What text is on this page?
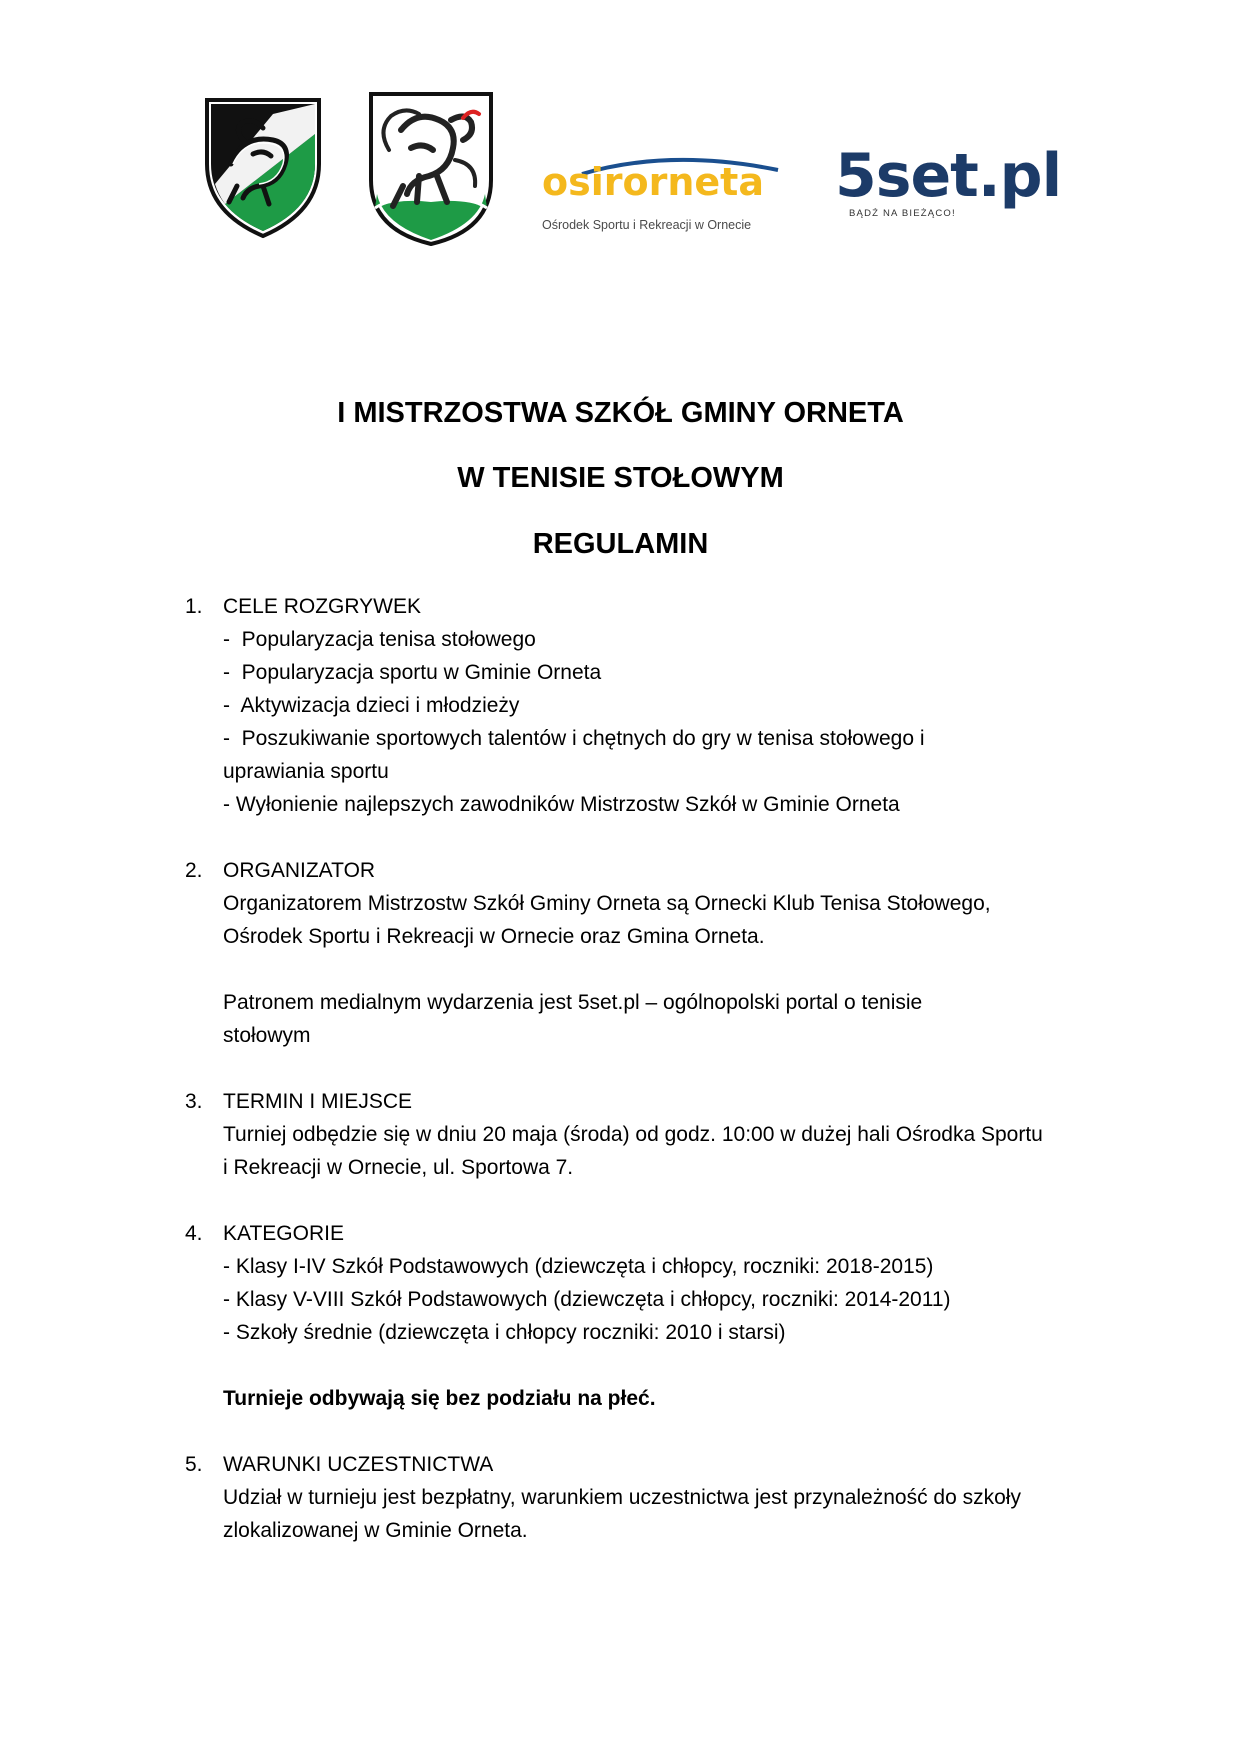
osirorneta
Ośrodek Sportu i Rekreacji w Ornecie
5set.pl
BĄDŹ NA BIEŻĄCO!
I MISTRZOSTWA SZKÓŁ GMINY ORNETA
W TENISIE STOŁOWYM
REGULAMIN
1. CELE ROZGRYWEK
-  Popularyzacja tenisa stołowego
-  Popularyzacja sportu w Gminie Orneta
-  Aktywizacja dzieci i młodzieży
-  Poszukiwanie sportowych talentów i chętnych do gry w tenisa stołowego i
uprawiania sportu
- Wyłonienie najlepszych zawodników Mistrzostw Szkół w Gminie Orneta
2. ORGANIZATOR
Organizatorem Mistrzostw Szkół Gminy Orneta są Ornecki Klub Tenisa Stołowego,
Ośrodek Sportu i Rekreacji w Ornecie oraz Gmina Orneta.
Patronem medialnym wydarzenia jest 5set.pl – ogólnopolski portal o tenisie
stołowym
3. TERMIN I MIEJSCE
Turniej odbędzie się w dniu 20 maja (środa) od godz. 10:00 w dużej hali Ośrodka Sportu
i Rekreacji w Ornecie, ul. Sportowa 7.
4. KATEGORIE
- Klasy I-IV Szkół Podstawowych (dziewczęta i chłopcy, roczniki: 2018-2015)
- Klasy V-VIII Szkół Podstawowych (dziewczęta i chłopcy, roczniki: 2014-2011)
- Szkoły średnie (dziewczęta i chłopcy roczniki: 2010 i starsi)
Turnieje odbywają się bez podziału na płeć.
5. WARUNKI UCZESTNICTWA
Udział w turnieju jest bezpłatny, warunkiem uczestnictwa jest przynależność do szkoły
zlokalizowanej w Gminie Orneta.
